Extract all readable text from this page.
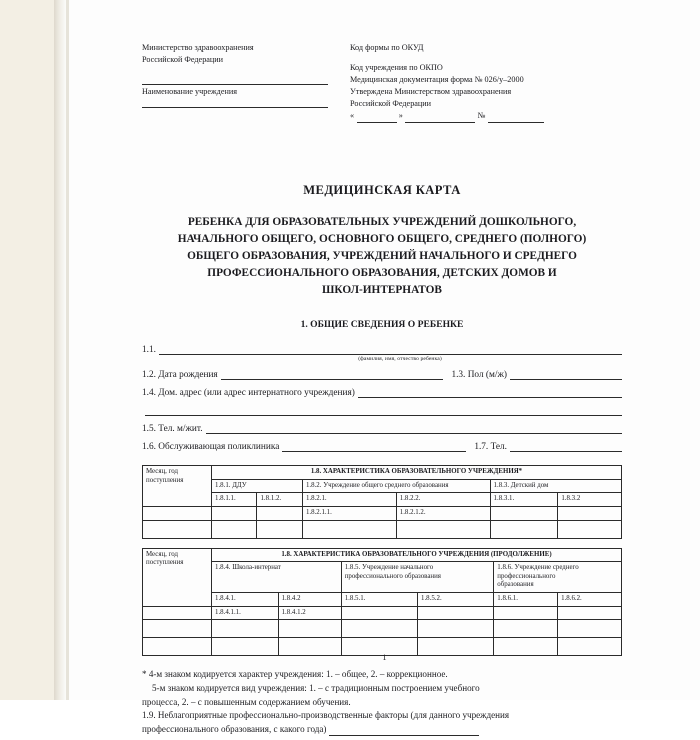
Министерство здравоохранения
Российской Федерации
Наименование учреждения
Код формы по ОКУД
Код учреждения по ОКПО
Медицинская документация форма № 026/у–2000
Утверждена Министерством здравоохранения
Российской Федерации
«	»	№
МЕДИЦИНСКАЯ КАРТА
РЕБЕНКА ДЛЯ ОБРАЗОВАТЕЛЬНЫХ УЧРЕЖДЕНИЙ ДОШКОЛЬНОГО,
НАЧАЛЬНОГО ОБЩЕГО, ОСНОВНОГО ОБЩЕГО, СРЕДНЕГО (ПОЛНОГО)
ОБЩЕГО ОБРАЗОВАНИЯ, УЧРЕЖДЕНИЙ НАЧАЛЬНОГО И СРЕДНЕГО
ПРОФЕССИОНАЛЬНОГО ОБРАЗОВАНИЯ, ДЕТСКИХ ДОМОВ И
ШКОЛ-ИНТЕРНАТОВ
1. ОБЩИЕ СВЕДЕНИЯ О РЕБЕНКЕ
1.1.
(фамилия, имя, отчество ребенка)
1.2. Дата рождения	1.3. Пол (м/ж)
1.4. Дом. адрес (или адрес интернатного учреждения)
1.5. Тел. м/жит.
1.6. Обслуживающая поликлиника	1.7. Тел.
Месяц, год
поступления	1.8. ХАРАКТЕРИСТИКА ОБРАЗОВАТЕЛЬНОГО УЧРЕЖДЕНИЯ*					
	1.8.1. ДДУ		1.8.2. Учреждение общего среднего образования		1.8.3. Детский дом	
	1.8.1.1.	1.8.1.2.	1.8.2.1.	1.8.2.2.	1.8.3.1.	1.8.3.2
			1.8.2.1.1.	1.8.2.1.2.		

Месяц, год
поступления	1.8. ХАРАКТЕРИСТИКА ОБРАЗОВАТЕЛЬНОГО УЧРЕЖДЕНИЯ (ПРОДОЛЖЕНИЕ)					
	1.8.4. Школа-интернат		1.8.5. Учреждение начального
профессионального образования		1.8.6. Учреждение среднего
профессионального
образования	
	1.8.4.1.	1.8.4.2	1.8.5.1.	1.8.5.2.	1.8.6.1.	1.8.6.2.
	1.8.4.1.1.	1.8.4.1.2				

* 4-м знаком кодируется характер учреждения: 1. – общее, 2. – коррекционное.
5-м знаком кодируется вид учреждения: 1. – с традиционным построением учебного
процесса, 2. – с повышенным содержанием обучения.
1.9. Неблагоприятные профессионально-производственные факторы (для данного учреждения
профессионального образования, с какого года)
1
